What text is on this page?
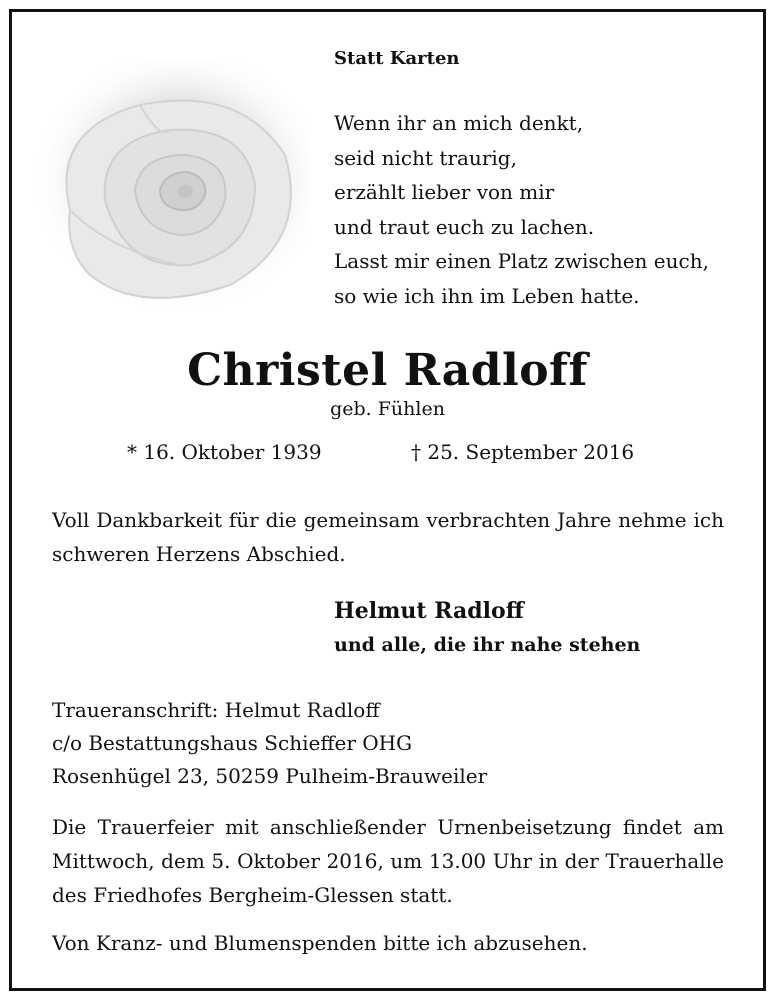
Statt Karten
Wenn ihr an mich denkt,
seid nicht traurig,
erzählt lieber von mir
und traut euch zu lachen.
Lasst mir einen Platz zwischen euch,
so wie ich ihn im Leben hatte.
Christel Radloff
geb. Fühlen
* 16. Oktober 1939	† 25. September 2016
Voll Dankbarkeit für die gemeinsam verbrachten Jahre nehme ich schweren Herzens Abschied.
Helmut Radloff
und alle, die ihr nahe stehen
Traueranschrift: Helmut Radloff
c/o Bestattungshaus Schieffer OHG
Rosenhügel 23, 50259 Pulheim-Brauweiler
Die Trauerfeier mit anschließender Urnenbeisetzung findet am Mittwoch, dem 5. Oktober 2016, um 13.00 Uhr in der Trauerhalle des Friedhofes Bergheim-Glessen statt.
Von Kranz- und Blumenspenden bitte ich abzusehen.
